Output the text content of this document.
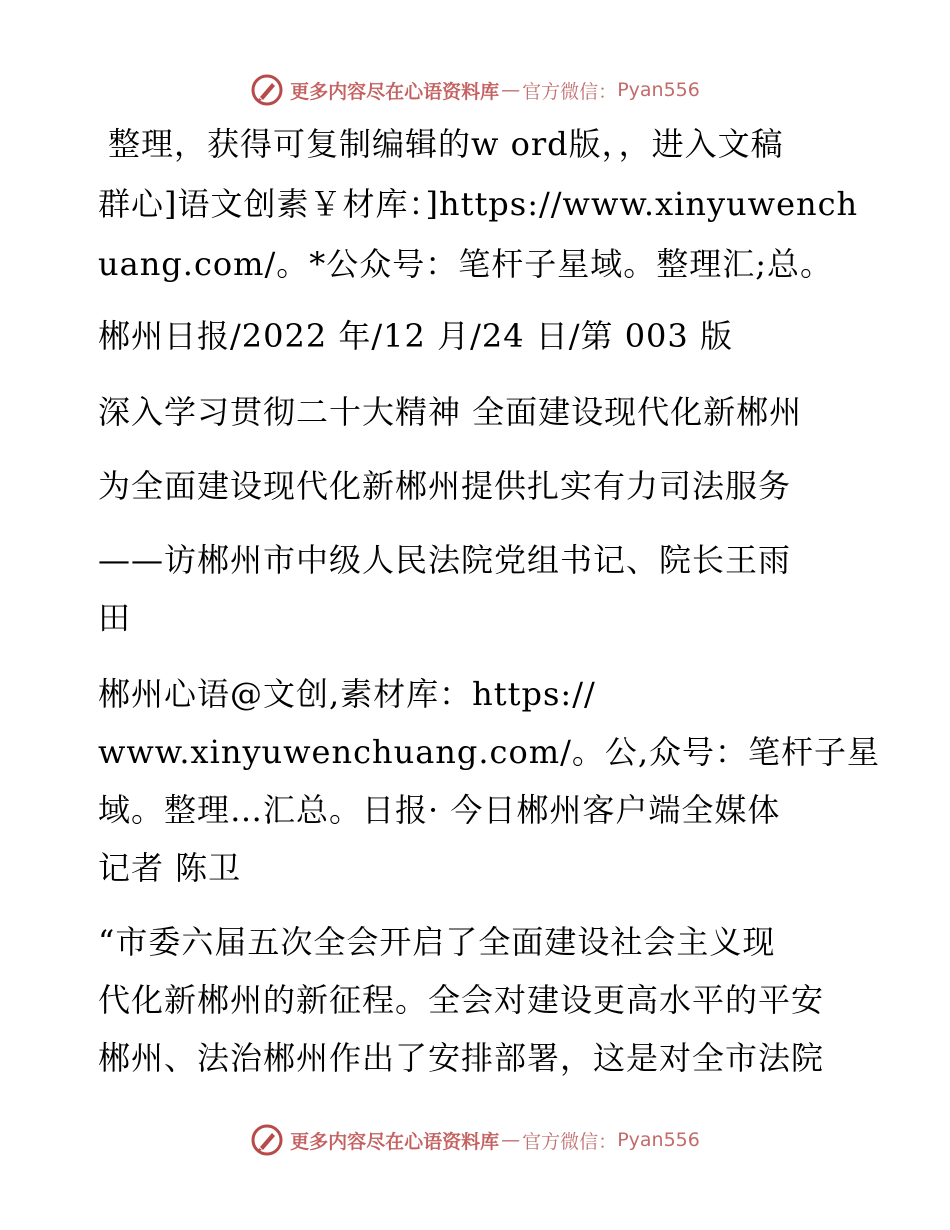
更多内容尽在心语资料库 — 官方微信： Pyan556
整理，获得可复制编辑的w ord版，，进入文稿
群心]语文创素￥材库：]https://www.xinyuwench
uang.com/。*公众号：笔杆子星域。整理汇;总。
郴州日报/2022 年/12 月/24 日/第 003 版
深入学习贯彻二十大精神 全面建设现代化新郴州
为全面建设现代化新郴州提供扎实有力司法服务
——访郴州市中级人民法院党组书记、院长王雨
田
郴州心语@文创,素材库：https://
www.xinyuwenchuang.com/。公,众号：笔杆子星
域。整理…汇总。日报· 今日郴州客户端全媒体
记者 陈卫
“市委六届五次全会开启了全面建设社会主义现
代化新郴州的新征程。全会对建设更高水平的平安
郴州、法治郴州作出了安排部署，这是对全市法院
更多内容尽在心语资料库 — 官方微信： Pyan556
